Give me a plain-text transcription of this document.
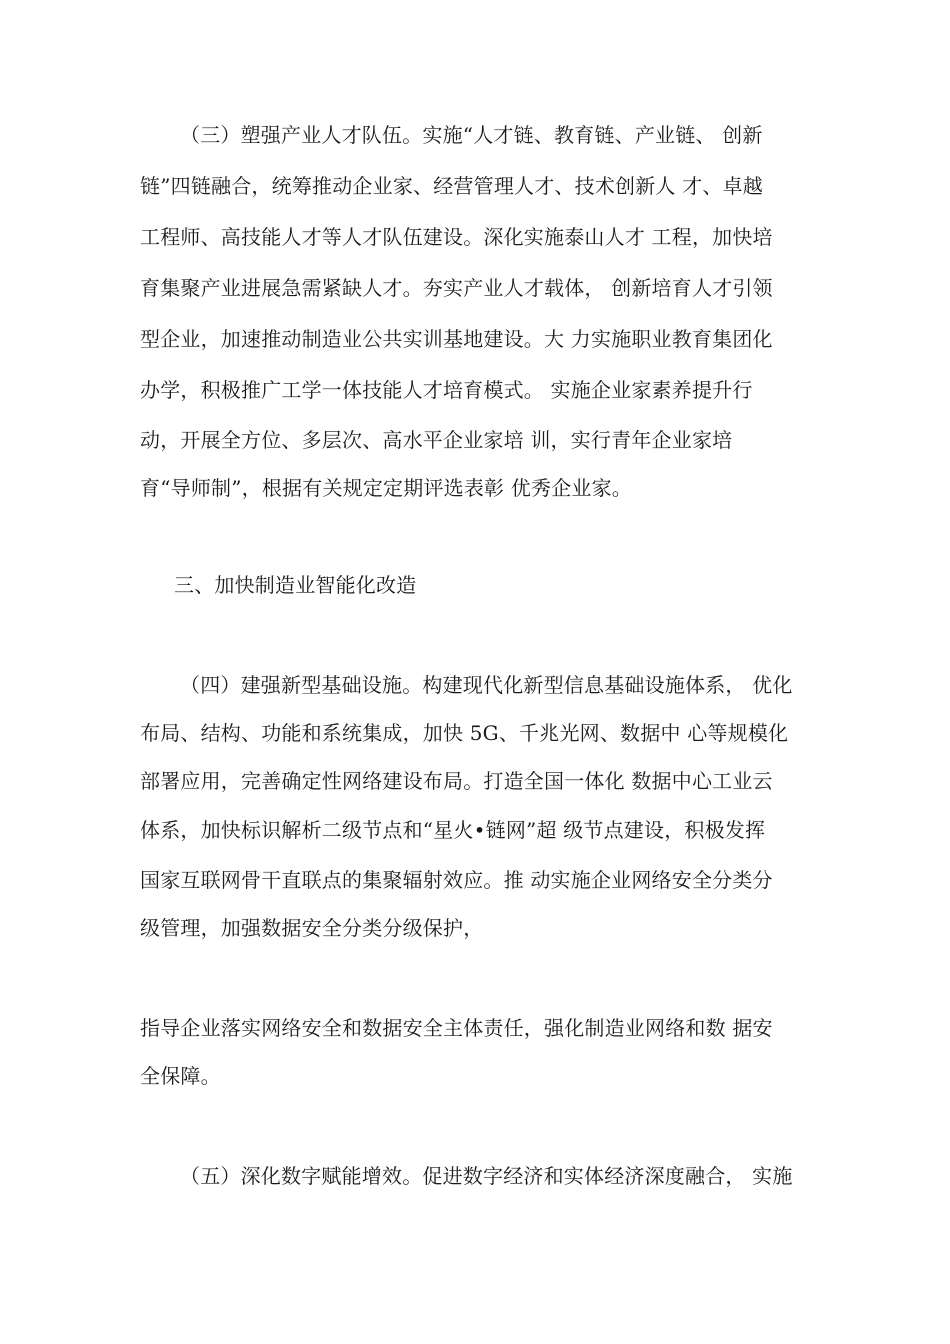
（三）塑强产业人才队伍。实施“人才链、教育链、产业链、 创新
链”四链融合，统筹推动企业家、经营管理人才、技术创新人 才、卓越
工程师、高技能人才等人才队伍建设。深化实施泰山人才 工程，加快培
育集聚产业进展急需紧缺人才。夯实产业人才载体， 创新培育人才引领
型企业，加速推动制造业公共实训基地建设。大 力实施职业教育集团化
办学，积极推广工学一体技能人才培育模式。 实施企业家素养提升行
动，开展全方位、多层次、高水平企业家培 训，实行青年企业家培
育“导师制”，根据有关规定定期评选表彰 优秀企业家。
三、加快制造业智能化改造
（四）建强新型基础设施。构建现代化新型信息基础设施体系， 优化
布局、结构、功能和系统集成，加快 5G、千兆光网、数据中 心等规模化
部署应用，完善确定性网络建设布局。打造全国一体化 数据中心工业云
体系，加快标识解析二级节点和“星火•链网”超 级节点建设，积极发挥
国家互联网骨干直联点的集聚辐射效应。推 动实施企业网络安全分类分
级管理，加强数据安全分类分级保护，
指导企业落实网络安全和数据安全主体责任，强化制造业网络和数 据安
全保障。
（五）深化数字赋能增效。促进数字经济和实体经济深度融合， 实施
